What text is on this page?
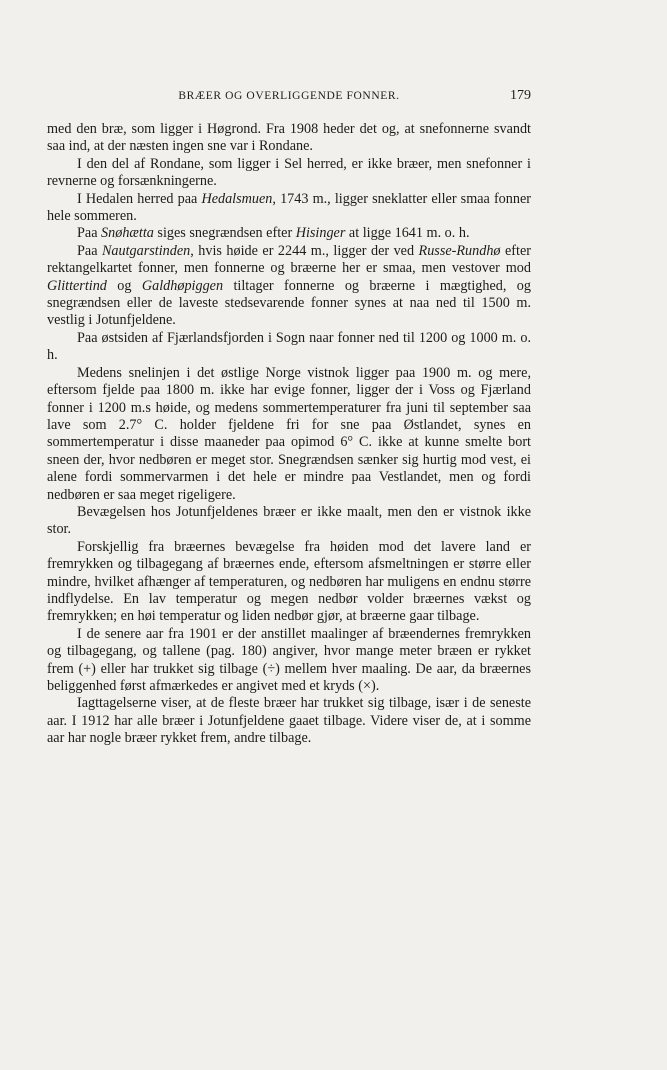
BRÆER OG OVERLIGGENDE FONNER.	179

med den bræ, som ligger i Høgrond. Fra 1908 heder det og, at snefonnerne svandt saa ind, at der næsten ingen sne var i Rondane.

I den del af Rondane, som ligger i Sel herred, er ikke bræer, men snefonner i revnerne og forsænkningerne.

I Hedalen herred paa Hedalsmuen, 1743 m., ligger sneklatter eller smaa fonner hele sommeren.

Paa Snøhætta siges snegrændsen efter Hisinger at ligge 1641 m. o. h.

Paa Nautgarstinden, hvis høide er 2244 m., ligger der ved Russe-Rundhø efter rektangelkartet fonner, men fonnerne og bræerne her er smaa, men vestover mod Glittertind og Galdhøpiggen tiltager fonnerne og bræerne i mægtighed, og snegrændsen eller de laveste stedsevarende fonner synes at naa ned til 1500 m. vestlig i Jotunfjeldene.

Paa østsiden af Fjærlandsfjorden i Sogn naar fonner ned til 1200 og 1000 m. o. h.

Medens snelinjen i det østlige Norge vistnok ligger paa 1900 m. og mere, eftersom fjelde paa 1800 m. ikke har evige fonner, ligger der i Voss og Fjærland fonner i 1200 m.s høide, og medens sommertemperaturer fra juni til september saa lave som 2.7° C. holder fjeldene fri for sne paa Østlandet, synes en sommertemperatur i disse maaneder paa opimod 6° C. ikke at kunne smelte bort sneen der, hvor nedbøren er meget stor. Snegrændsen sænker sig hurtig mod vest, ei alene fordi sommervarmen i det hele er mindre paa Vestlandet, men og fordi nedbøren er saa meget rigeligere.

Bevægelsen hos Jotunfjeldenes bræer er ikke maalt, men den er vistnok ikke stor.

Forskjellig fra bræernes bevægelse fra høiden mod det lavere land er fremrykken og tilbagegang af bræernes ende, eftersom afsmeltningen er større eller mindre, hvilket afhænger af temperaturen, og nedbøren har muligens en endnu større indflydelse. En lav temperatur og megen nedbør volder bræernes vækst og fremrykken; en høi temperatur og liden nedbør gjør, at bræerne gaar tilbage.

I de senere aar fra 1901 er der anstillet maalinger af bræendernes fremrykken og tilbagegang, og tallene (pag. 180) angiver, hvor mange meter bræen er rykket frem (+) eller har trukket sig tilbage (÷) mellem hver maaling. De aar, da bræernes beliggenhed først afmærkedes er angivet med et kryds (×).

Iagttagelserne viser, at de fleste bræer har trukket sig tilbage, især i de seneste aar. I 1912 har alle bræer i Jotunfjeldene gaaet tilbage. Videre viser de, at i somme aar har nogle bræer rykket frem, andre tilbage.
